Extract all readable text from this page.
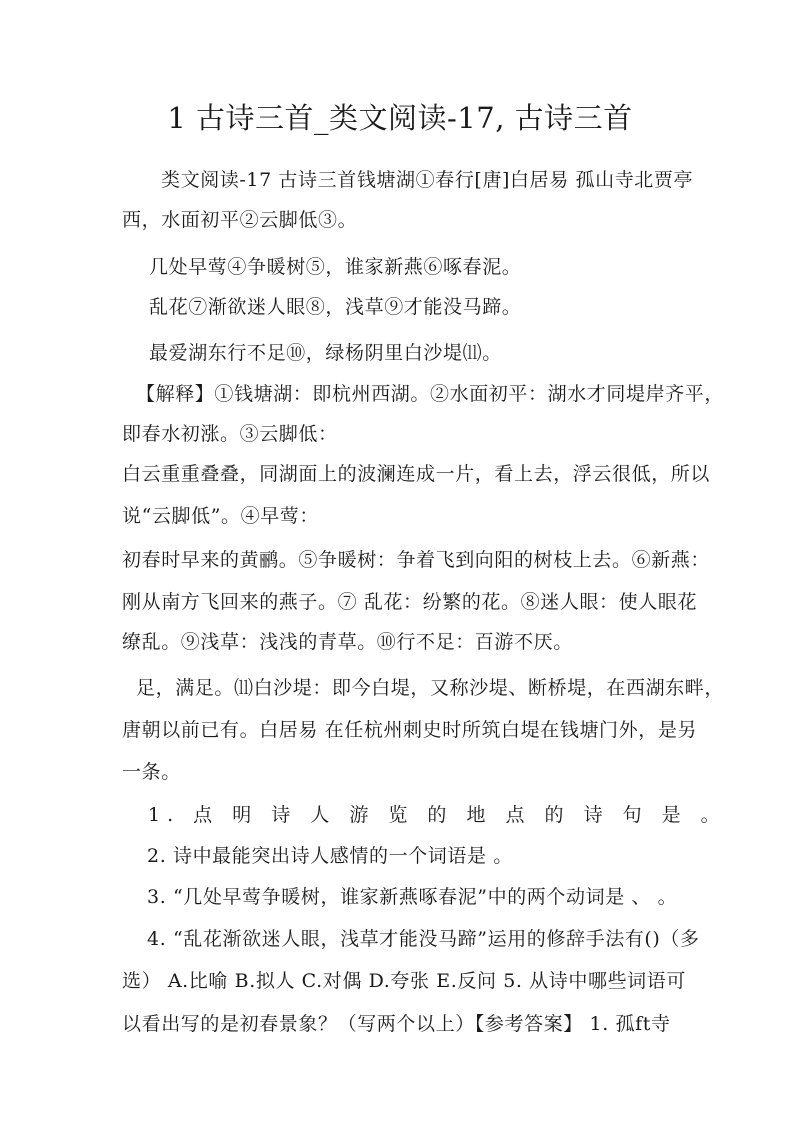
1 古诗三首_类文阅读-17, 古诗三首
类文阅读-17 古诗三首钱塘湖①春行[唐]白居易 孤山寺北贾亭
西，水面初平②云脚低③。
几处早莺④争暖树⑤，谁家新燕⑥啄春泥。
乱花⑦渐欲迷人眼⑧，浅草⑨才能没马蹄。
最爱湖东行不足⑩，绿杨阴里白沙堤⑾。
【解释】①钱塘湖：即杭州西湖。②水面初平：湖水才同堤岸齐平，
即春水初涨。③云脚低：
白云重重叠叠，同湖面上的波澜连成一片，看上去，浮云很低，所以
说“云脚低”。④早莺：
初春时早来的黄鹂。⑤争暖树：争着飞到向阳的树枝上去。⑥新燕：
刚从南方飞回来的燕子。⑦ 乱花：纷繁的花。⑧迷人眼：使人眼花
缭乱。⑨浅草：浅浅的青草。⑩行不足：百游不厌。
足，满足。⑾白沙堤：即今白堤，又称沙堤、断桥堤，在西湖东畔，
唐朝以前已有。白居易 在任杭州刺史时所筑白堤在钱塘门外，是另
一条。
1. 点 明 诗 人 游 览 的 地 点 的 诗 句 是 。
2. 诗中最能突出诗人感情的一个词语是 。
3. “几处早莺争暖树，谁家新燕啄春泥”中的两个动词是 、 。
4. “乱花渐欲迷人眼，浅草才能没马蹄”运用的修辞手法有()（多
选） A.比喻 B.拟人 C.对偶 D.夸张 E.反问 5. 从诗中哪些词语可
以看出写的是初春景象？（写两个以上）【参考答案】 1. 孤ft寺
